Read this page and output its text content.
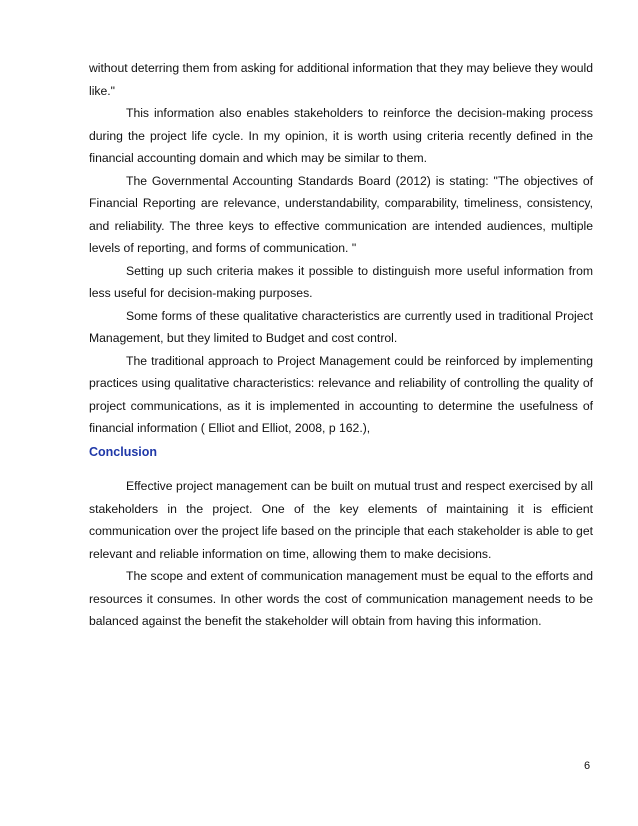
without deterring them from asking for additional information that they may believe they would like."

This information also enables stakeholders to reinforce the decision-making process during the project life cycle. In my opinion, it is worth using criteria recently defined in the financial accounting domain and which may be similar to them.

The Governmental Accounting Standards Board (2012) is stating: "The objectives of Financial Reporting are relevance, understandability, comparability, timeliness, consistency, and reliability. The three keys to effective communication are intended audiences, multiple levels of reporting, and forms of communication. "

Setting up such criteria makes it possible to distinguish more useful information from less useful for decision-making purposes.

Some forms of these qualitative characteristics are currently used in traditional Project Management, but they limited to Budget and cost control.

The traditional approach to Project Management could be reinforced by implementing practices using qualitative characteristics: relevance and reliability of controlling the quality of project communications, as it is implemented in accounting to determine the usefulness of financial information ( Elliot and Elliot, 2008, p 162.),

Conclusion

Effective project management can be built on mutual trust and respect exercised by all stakeholders in the project. One of the key elements of maintaining it is efficient communication over the project life based on the principle that each stakeholder is able to get relevant and reliable information on time, allowing them to make decisions.

The scope and extent of communication management must be equal to the efforts and resources it consumes. In other words the cost of communication management needs to be balanced against the benefit the stakeholder will obtain from having this information.

6
